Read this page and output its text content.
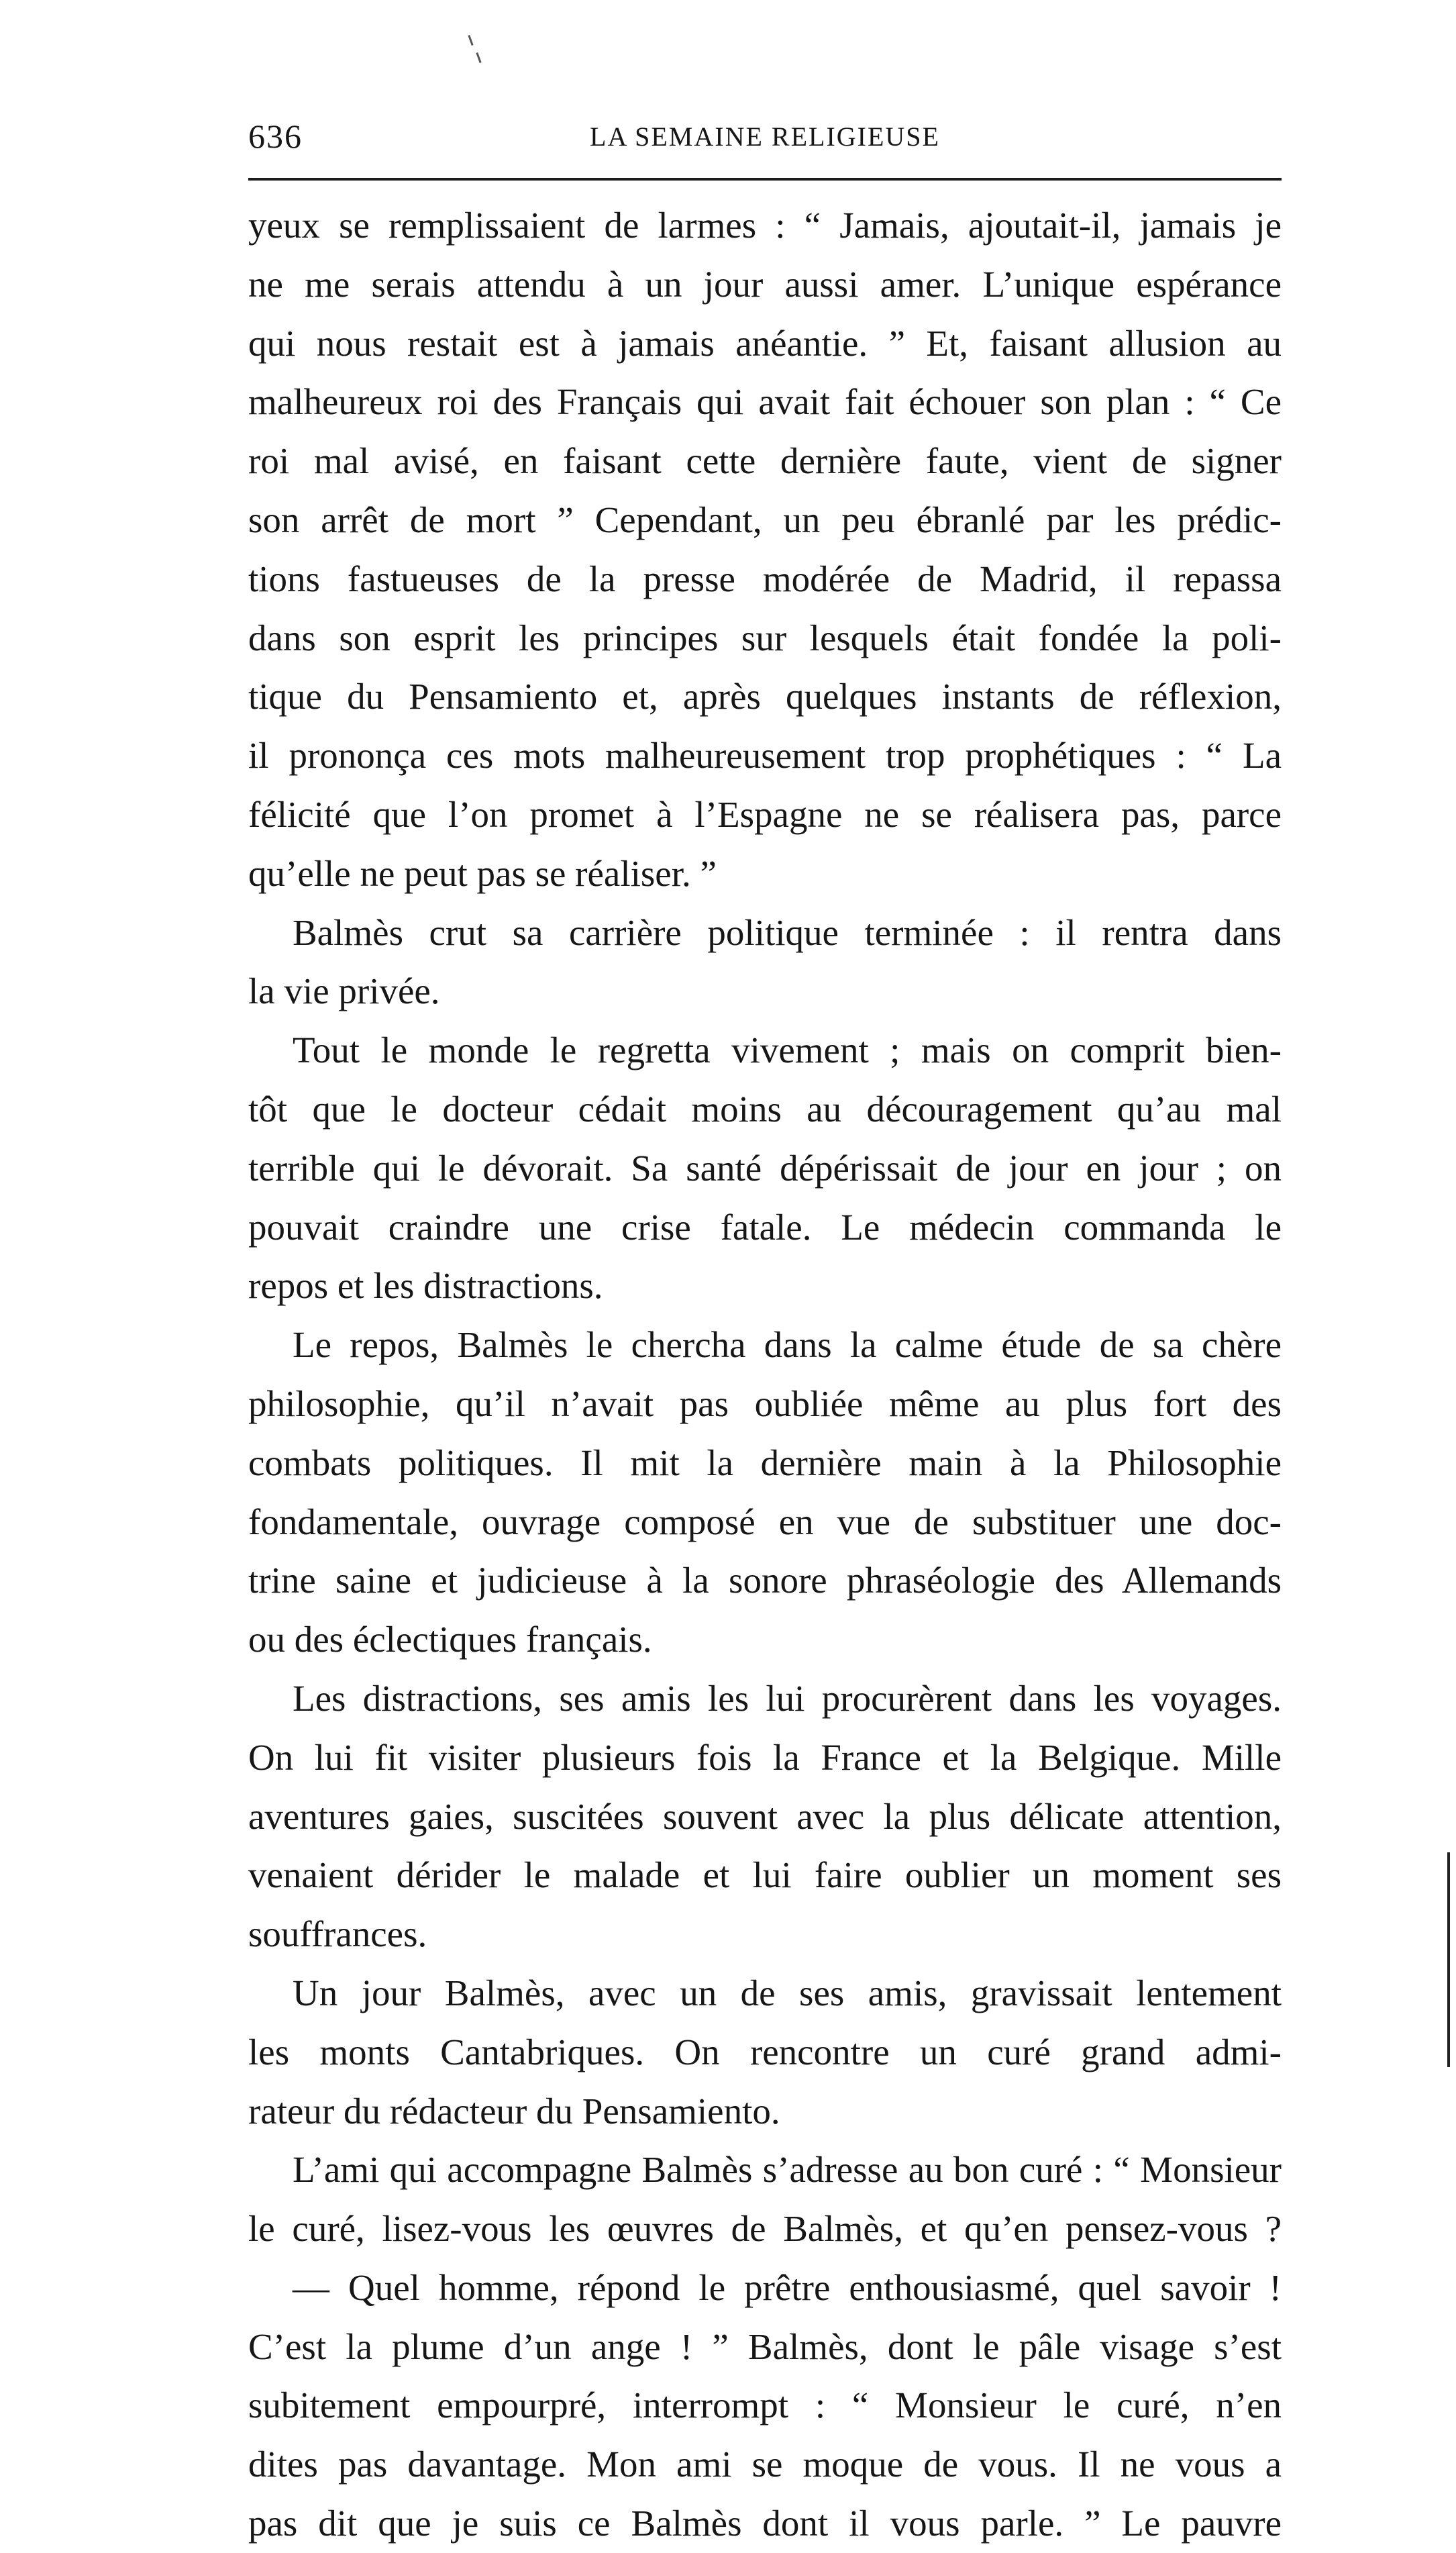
636	LA SEMAINE RELIGIEUSE
yeux se remplissaient de larmes : “ Jamais, ajoutait-il, jamais je
ne me serais attendu à un jour aussi amer. L’unique espérance
qui nous restait est à jamais anéantie. ” Et, faisant allusion au
malheureux roi des Français qui avait fait échouer son plan : “ Ce
roi mal avisé, en faisant cette dernière faute, vient de signer
son arrêt de mort ” Cependant, un peu ébranlé par les prédic-
tions fastueuses de la presse modérée de Madrid, il repassa
dans son esprit les principes sur lesquels était fondée la poli-
tique du Pensamiento et, après quelques instants de réflexion,
il prononça ces mots malheureusement trop prophétiques : “ La
félicité que l’on promet à l’Espagne ne se réalisera pas, parce
qu’elle ne peut pas se réaliser. ”
Balmès crut sa carrière politique terminée : il rentra dans
la vie privée.
Tout le monde le regretta vivement ; mais on comprit bien-
tôt que le docteur cédait moins au découragement qu’au mal
terrible qui le dévorait. Sa santé dépérissait de jour en jour ; on
pouvait craindre une crise fatale. Le médecin commanda le
repos et les distractions.
Le repos, Balmès le chercha dans la calme étude de sa chère
philosophie, qu’il n’avait pas oubliée même au plus fort des
combats politiques. Il mit la dernière main à la Philosophie
fondamentale, ouvrage composé en vue de substituer une doc-
trine saine et judicieuse à la sonore phraséologie des Allemands
ou des éclectiques français.
Les distractions, ses amis les lui procurèrent dans les voyages.
On lui fit visiter plusieurs fois la France et la Belgique. Mille
aventures gaies, suscitées souvent avec la plus délicate attention,
venaient dérider le malade et lui faire oublier un moment ses
souffrances.
Un jour Balmès, avec un de ses amis, gravissait lentement
les monts Cantabriques. On rencontre un curé grand admi-
rateur du rédacteur du Pensamiento.
L’ami qui accompagne Balmès s’adresse au bon curé : “ Monsieur
le curé, lisez-vous les œuvres de Balmès, et qu’en pensez-vous ?
— Quel homme, répond le prêtre enthousiasmé, quel savoir !
C’est la plume d’un ange ! ” Balmès, dont le pâle visage s’est
subitement empourpré, interrompt : “ Monsieur le curé, n’en
dites pas davantage. Mon ami se moque de vous. Il ne vous a
pas dit que je suis ce Balmès dont il vous parle. ” Le pauvre
